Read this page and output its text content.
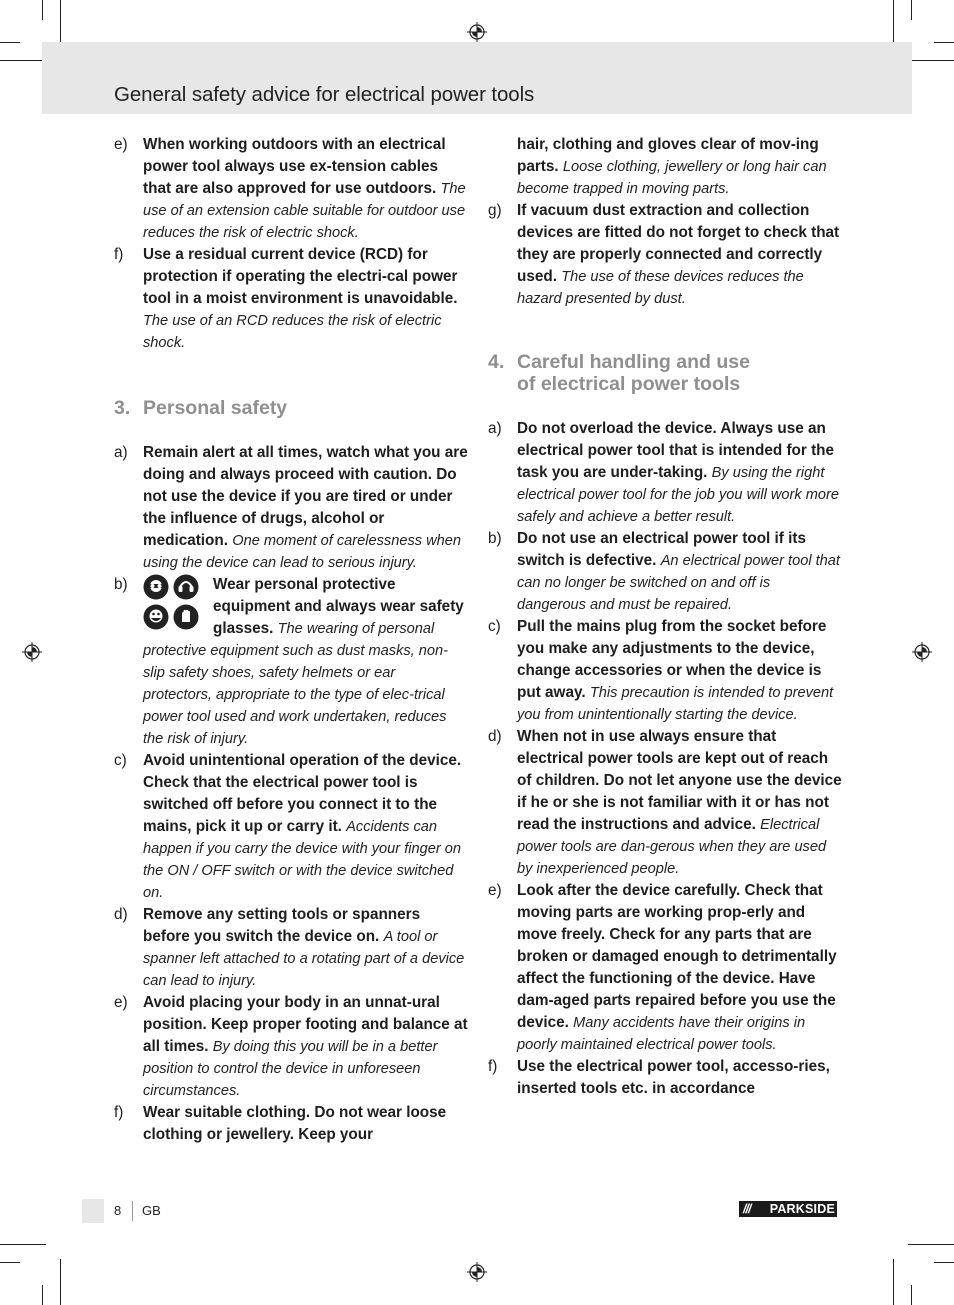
General safety advice for electrical power tools
e) When working outdoors with an electrical power tool always use ex-tension cables that are also approved for use outdoors. The use of an extension cable suitable for outdoor use reduces the risk of electric shock.
f) Use a residual current device (RCD) for protection if operating the electri-cal power tool in a moist environment is unavoidable. The use of an RCD reduces the risk of electric shock.
3. Personal safety
a) Remain alert at all times, watch what you are doing and always proceed with caution. Do not use the device if you are tired or under the influence of drugs, alcohol or medication. One moment of carelessness when using the device can lead to serious injury.
b)	Wear personal protective equipment and always wear safety glasses. The wearing of personal protective equipment such as dust masks, non-slip safety shoes, safety helmets or ear protectors, appropriate to the type of elec-trical power tool used and work undertaken, reduces the risk of injury.
c) Avoid unintentional operation of the device. Check that the electrical power tool is switched off before you connect it to the mains, pick it up or carry it. Accidents can happen if you carry the device with your finger on the ON / OFF switch or with the device switched on.
d) Remove any setting tools or spanners before you switch the device on. A tool or spanner left attached to a rotating part of a device can lead to injury.
e) Avoid placing your body in an unnat-ural position. Keep proper footing and balance at all times. By doing this you will be in a better position to control the device in unforeseen circumstances.
f) Wear suitable clothing. Do not wear loose clothing or jewellery. Keep your
hair, clothing and gloves clear of mov-ing parts. Loose clothing, jewellery or long hair can become trapped in moving parts.
g) If vacuum dust extraction and collection devices are fitted do not forget to check that they are properly connected and correctly used. The use of these devices reduces the hazard presented by dust.
4. Careful handling and use
of electrical power tools
a) Do not overload the device. Always use an electrical power tool that is intended for the task you are under-taking. By using the right electrical power tool for the job you will work more safely and achieve a better result.
b) Do not use an electrical power tool if its switch is defective. An electrical power tool that can no longer be switched on and off is dangerous and must be repaired.
c) Pull the mains plug from the socket before you make any adjustments to the device, change accessories or when the device is put away. This precaution is intended to prevent you from unintentionally starting the device.
d) When not in use always ensure that electrical power tools are kept out of reach of children. Do not let anyone use the device if he or she is not familiar with it or has not read the instructions and advice. Electrical power tools are dan-gerous when they are used by inexperienced people.
e) Look after the device carefully. Check that moving parts are working prop-erly and move freely. Check for any parts that are broken or damaged enough to detrimentally affect the functioning of the device. Have dam-aged parts repaired before you use the device. Many accidents have their origins in poorly maintained electrical power tools.
f) Use the electrical power tool, accesso-ries, inserted tools etc. in accordance
8 GB	/// PARKSIDE
